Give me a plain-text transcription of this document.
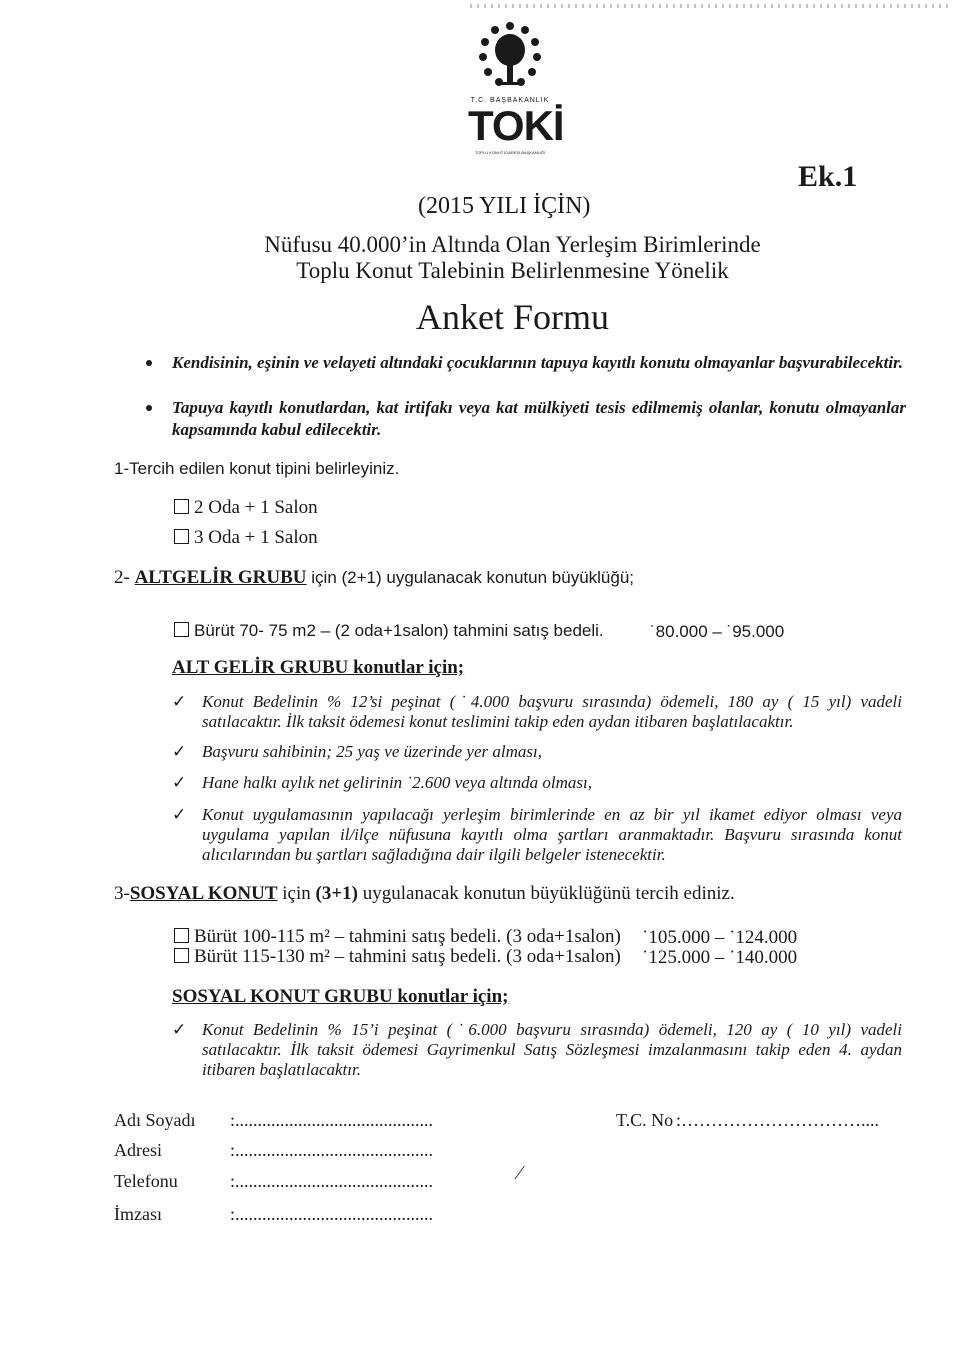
T.C. BAŞBAKANLIK
TOKİ
TOPLU KONUT İDARESİ BAŞKANLIĞI
Ek.1
(2015 YILI İÇİN)
Nüfusu 40.000’in Altında Olan Yerleşim Birimlerinde
Toplu Konut Talebinin Belirlenmesine Yönelik
Anket Formu
Kendisinin, eşinin ve velayeti altındaki çocuklarının tapuya kayıtlı konutu olmayanlar başvurabilecektir.
Tapuya kayıtlı konutlardan, kat irtifakı veya kat mülkiyeti tesis edilmemiş olanlar, konutu olmayanlar kapsamında kabul edilecektir.
1-Tercih edilen konut tipini belirleyiniz.
2 Oda + 1 Salon
3 Oda + 1 Salon
2- ALTGELİR GRUBU için (2+1) uygulanacak konutun büyüklüğü;
Bürüt 70- 75 m2 – (2 oda+1salon) tahmini satış bedeli.	˙80.000 – ˙95.000
ALT GELİR GRUBU konutlar için;
✓ Konut Bedelinin % 12’si peşinat (˙4.000 başvuru sırasında) ödemeli, 180 ay ( 15 yıl) vadeli satılacaktır. İlk taksit ödemesi konut teslimini takip eden aydan itibaren başlatılacaktır.
✓ Başvuru sahibinin; 25 yaş ve üzerinde yer alması,
✓ Hane halkı aylık net gelirinin ˙2.600 veya altında olması,
✓ Konut uygulamasının yapılacağı yerleşim birimlerinde en az bir yıl ikamet ediyor olması veya uygulama yapılan il/ilçe nüfusuna kayıtlı olma şartları aranmaktadır. Başvuru sırasında konut alıcılarından bu şartları sağladığına dair ilgili belgeler istenecektir.
3-SOSYAL KONUT için (3+1) uygulanacak konutun büyüklüğünü tercih ediniz.
Bürüt 100-115 m² – tahmini satış bedeli. (3 oda+1salon) ˙105.000 – ˙124.000
Bürüt 115-130 m² – tahmini satış bedeli. (3 oda+1salon) ˙125.000 – ˙140.000
SOSYAL KONUT GRUBU konutlar için;
✓ Konut Bedelinin % 15’i peşinat (˙6.000 başvuru sırasında) ödemeli, 120 ay ( 10 yıl) vadeli satılacaktır. İlk taksit ödemesi Gayrimenkul Satış Sözleşmesi imzalanmasını takip eden 4. aydan itibaren başlatılacaktır.
Adı Soyadı :............................................
Adresi	:............................................
Telefonu	:............................................
İmzası	:............................................
T.C. No :…………………………....
⁄
